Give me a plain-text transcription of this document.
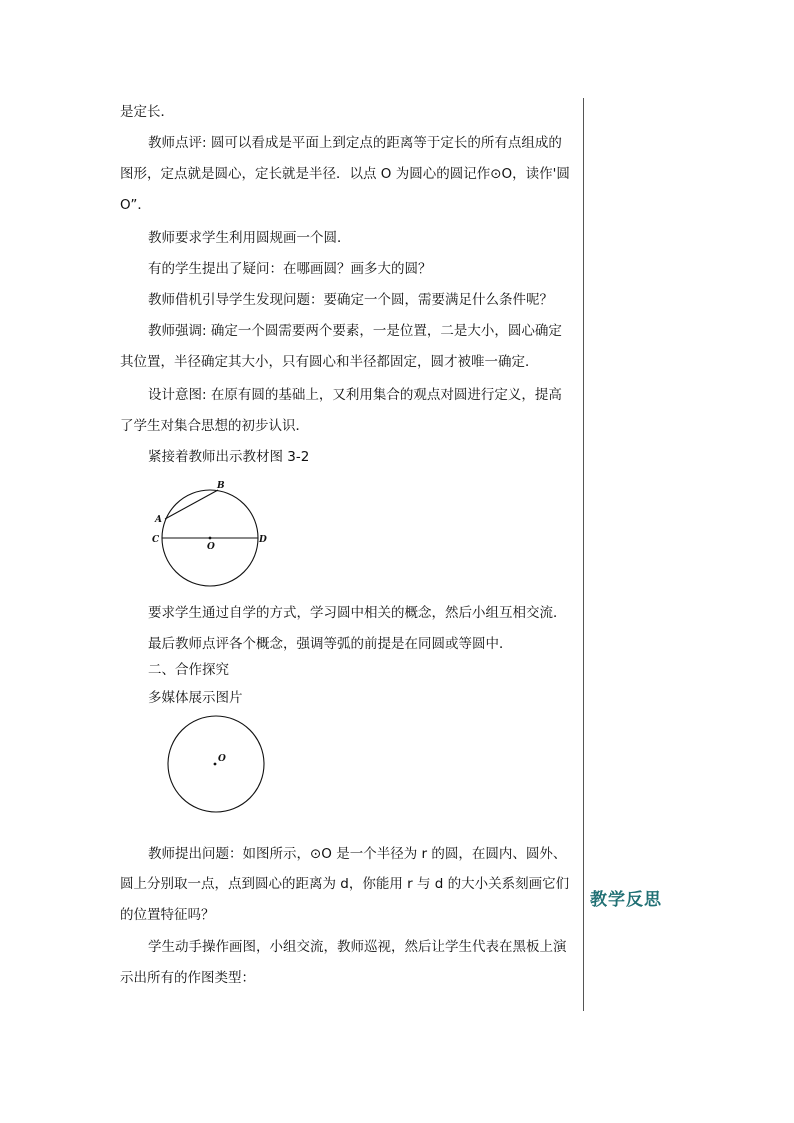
教学反思
是定长．
教师点评: 圆可以看成是平面上到定点的距离等于定长的所有点组成的
图形，定点就是圆心，定长就是半径．以点 O 为圆心的圆记作⊙O，读作'圆
O”．
教师要求学生利用圆规画一个圆．
有的学生提出了疑问：在哪画圆？画多大的圆？
教师借机引导学生发现问题：要确定一个圆，需要满足什么条件呢？
教师强调: 确定一个圆需要两个要素，一是位置，二是大小，圆心确定
其位置，半径确定其大小，只有圆心和半径都固定，圆才被唯一确定．
设计意图: 在原有圆的基础上，又利用集合的观点对圆进行定义，提高
了学生对集合思想的初步认识．
紧接着教师出示教材图 3-2
A
B
C	D
O
要求学生通过自学的方式，学习圆中相关的概念，然后小组互相交流．
最后教师点评各个概念，强调等弧的前提是在同圆或等圆中．
二、合作探究
多媒体展示图片
O
教师提出问题：如图所示，⊙O 是一个半径为 r 的圆，在圆内、圆外、
圆上分别取一点，点到圆心的距离为 d，你能用 r 与 d 的大小关系刻画它们
的位置特征吗？
学生动手操作画图，小组交流，教师巡视，然后让学生代表在黑板上演
示出所有的作图类型：
